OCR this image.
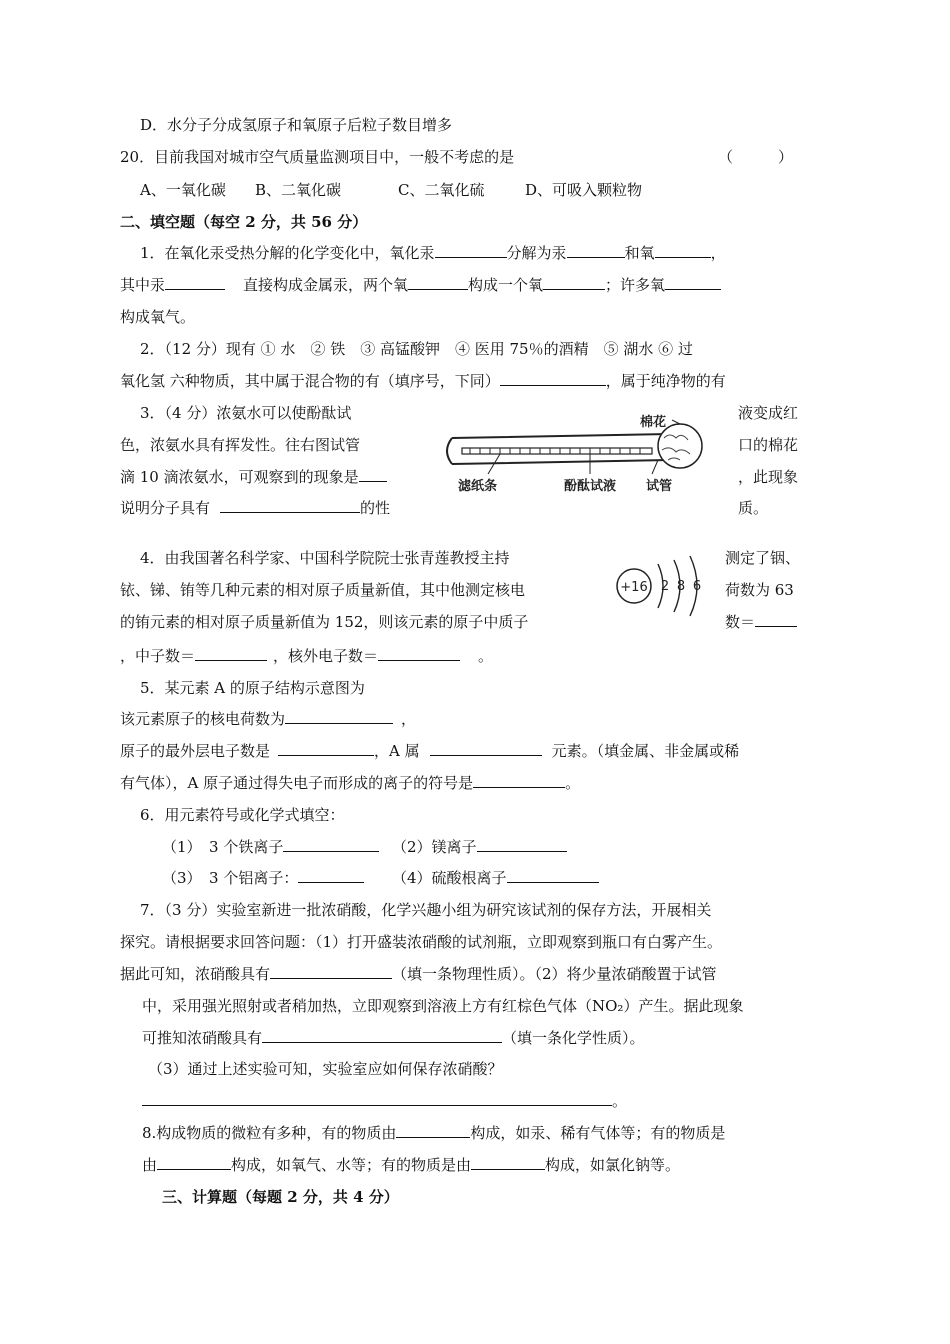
D．水分子分成氢原子和氧原子后粒子数目增多
20．目前我国对城市空气质量监测项目中，一般不考虑的是	（　　　）
A、一氧化碳 B、二氧化碳	C、二氧化硫	D、可吸入颗粒物
二、填空题（每空 2 分，共 56 分）
1．在氧化汞受热分解的化学变化中，氧化汞	分解为汞	和氧	，
其中汞	直接构成金属汞，两个氧	构成一个氧	；许多氧
构成氧气。
2．（12 分）现有 ① 水　② 铁　③ 高锰酸钾　④ 医用 75％的酒精　⑤ 湖水 ⑥ 过
氧化氢 六种物质，其中属于混合物的有（填序号，下同）	，属于纯净物的有
3．（4 分）浓氨水可以使酚酞试	液变成红
色，浓氨水具有挥发性。往右图试管	口的棉花
滴 10 滴浓氨水，可观察到的现象是	，此现象
说明分子具有	的性	质。
棉花
滤纸条	酚酞试液 试管
4．由我国著名科学家、中国科学院院士张青莲教授主持	测定了铟、
铱、锑、铕等几种元素的相对原子质量新值，其中他测定核电	荷数为 63
的铕元素的相对原子质量新值为 152，则该元素的原子中质子	数＝
，中子数＝	，核外电子数＝	。
+16 2 8 6
5．某元素 A 的原子结构示意图为
该元素原子的核电荷数为	，
原子的最外层电子数是	，A 属	元素。（填金属、非金属或稀
有气体），A 原子通过得失电子而形成的离子的符号是	。
6．用元素符号或化学式填空：
（1）　3 个铁离子	（2）镁离子
（3）　3 个铝离子：	（4）硫酸根离子
7．（3 分）实验室新进一批浓硝酸，化学兴趣小组为研究该试剂的保存方法，开展相关
探究。请根据要求回答问题：（1）打开盛装浓硝酸的试剂瓶，立即观察到瓶口有白雾产生。
据此可知，浓硝酸具有	（填一条物理性质）。（2）将少量浓硝酸置于试管
中，采用强光照射或者稍加热，立即观察到溶液上方有红棕色气体（NO₂）产生。据此现象
可推知浓硝酸具有	（填一条化学性质）。
（3）通过上述实验可知，实验室应如何保存浓硝酸？
。
8.构成物质的微粒有多种，有的物质由	构成，如汞、稀有气体等；有的物质是
由	构成，如氧气、水等；有的物质是由	构成，如氯化钠等。
三、计算题（每题 2 分，共 4 分）
